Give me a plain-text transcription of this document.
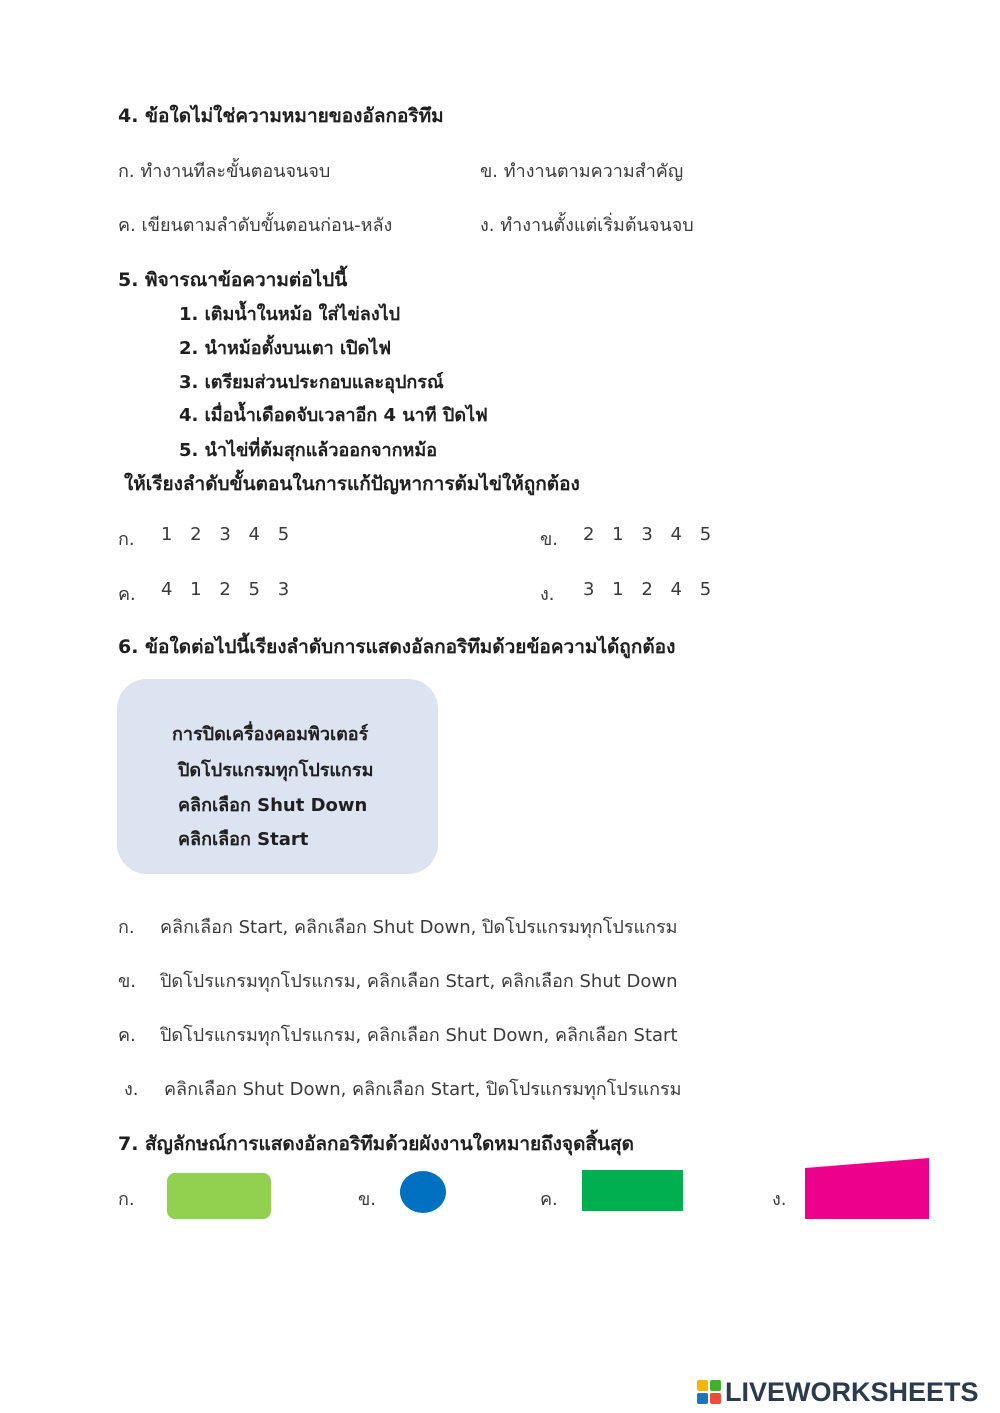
4. ข้อใดไม่ใช่ความหมายของอัลกอริทึม
ก. ทำงานทีละขั้นตอนจนจบ	ข. ทำงานตามความสำคัญ
ค. เขียนตามลำดับขั้นตอนก่อน-หลัง	ง. ทำงานตั้งแต่เริ่มต้นจนจบ
5. พิจารณาข้อความต่อไปนี้
1. เติมน้ำในหม้อ ใส่ไข่ลงไป
2. นำหม้อตั้งบนเตา เปิดไฟ
3. เตรียมส่วนประกอบและอุปกรณ์
4. เมื่อน้ำเดือดจับเวลาอีก 4 นาที ปิดไฟ
5. นำไข่ที่ต้มสุกแล้วออกจากหม้อ
ให้เรียงลำดับขั้นตอนในการแก้ปัญหาการต้มไข่ให้ถูกต้อง
ก. 1 2 3 4 5	ข. 2 1 3 4 5
ค. 4 1 2 5 3	ง. 3 1 2 4 5
6. ข้อใดต่อไปนี้เรียงลำดับการแสดงอัลกอริทึมด้วยข้อความได้ถูกต้อง
การปิดเครื่องคอมพิวเตอร์
ปิดโปรแกรมทุกโปรแกรม
คลิกเลือก Shut Down
คลิกเลือก Start
ก. คลิกเลือก Start, คลิกเลือก Shut Down, ปิดโปรแกรมทุกโปรแกรม
ข. ปิดโปรแกรมทุกโปรแกรม, คลิกเลือก Start, คลิกเลือก Shut Down
ค. ปิดโปรแกรมทุกโปรแกรม, คลิกเลือก Shut Down, คลิกเลือก Start
ง. คลิกเลือก Shut Down, คลิกเลือก Start, ปิดโปรแกรมทุกโปรแกรม
7. สัญลักษณ์การแสดงอัลกอริทึมด้วยผังงานใดหมายถึงจุดสิ้นสุด
ก.	ข.	ค.	ง.
LIVEWORKSHEETS
